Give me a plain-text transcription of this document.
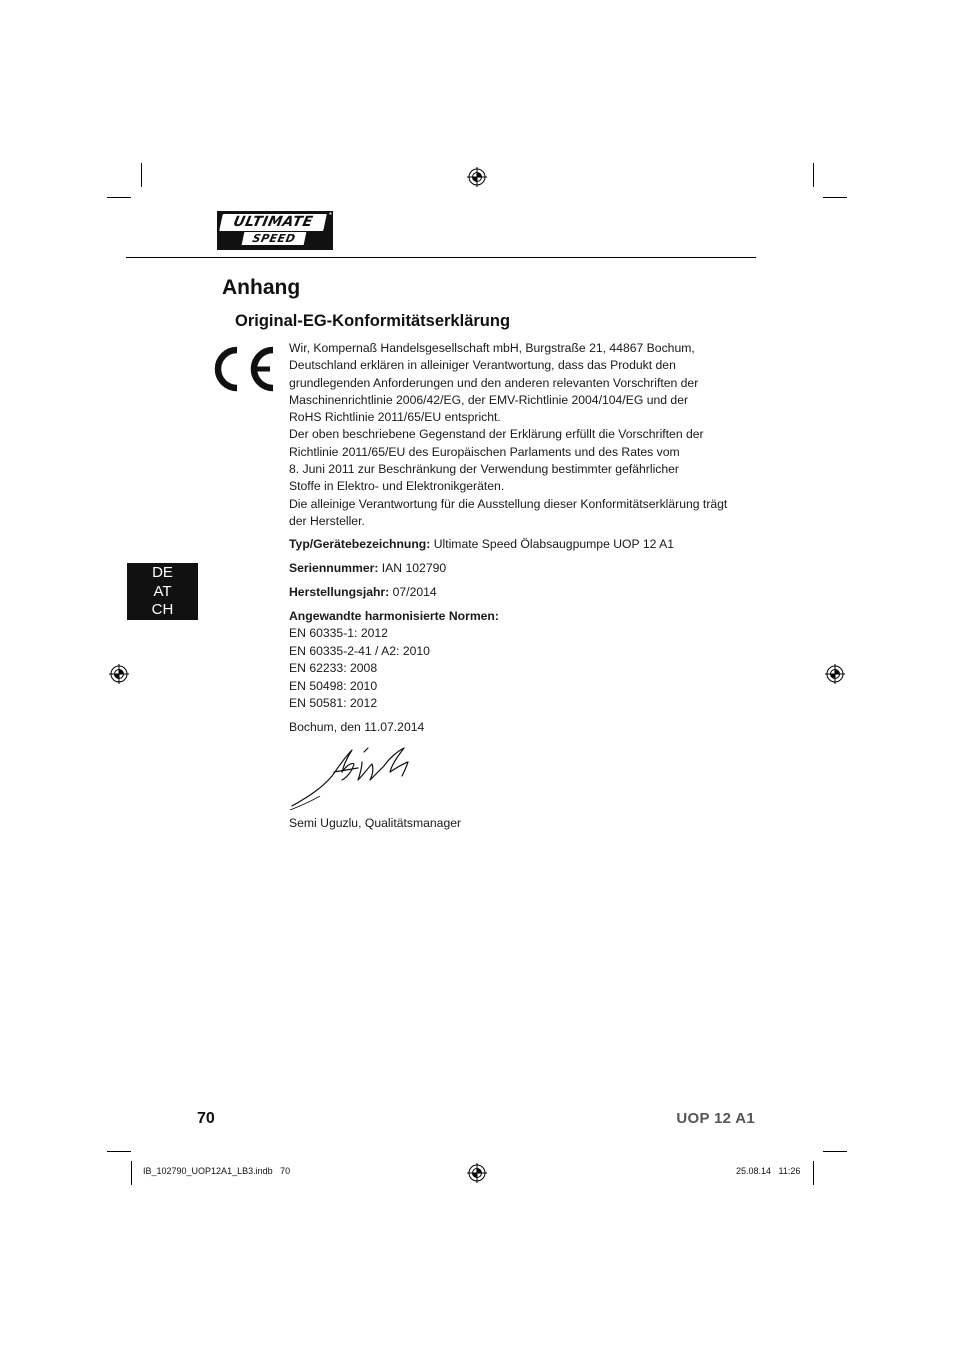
ULTIMATE
SPEED
*
Anhang
Original-EG-Konformitätserklärung
Wir, Kompernaß Handelsgesellschaft mbH, Burgstraße 21, 44867 Bochum,
Deutschland erklären in alleiniger Verantwortung, dass das Produkt den
grundlegenden Anforderungen und den anderen relevanten Vorschriften der
Maschinenrichtlinie 2006/42/EG, der EMV-Richtlinie 2004/104/EG und der
RoHS Richtlinie 2011/65/EU entspricht.
Der oben beschriebene Gegenstand der Erklärung erfüllt die Vorschriften der
Richtlinie 2011/65/EU des Europäischen Parlaments und des Rates vom
8. Juni 2011 zur Beschränkung der Verwendung bestimmter gefährlicher
Stoffe in Elektro- und Elektronikgeräten.
Die alleinige Verantwortung für die Ausstellung dieser Konformitätserklärung trägt
der Hersteller.
Typ/Gerätebezeichnung: Ultimate Speed Ölabsaugpumpe UOP 12 A1
Seriennummer: IAN 102790
Herstellungsjahr: 07/2014
Angewandte harmonisierte Normen:
EN 60335-1: 2012
EN 60335-2-41 / A2: 2010
EN 62233: 2008
EN 50498: 2010
EN 50581: 2012
Bochum, den 11.07.2014
Semi Uguzlu, Qualitätsmanager
DE
AT
CH
70	UOP 12 A1
IB_102790_UOP12A1_LB3.indb   70	25.08.14   11:26
